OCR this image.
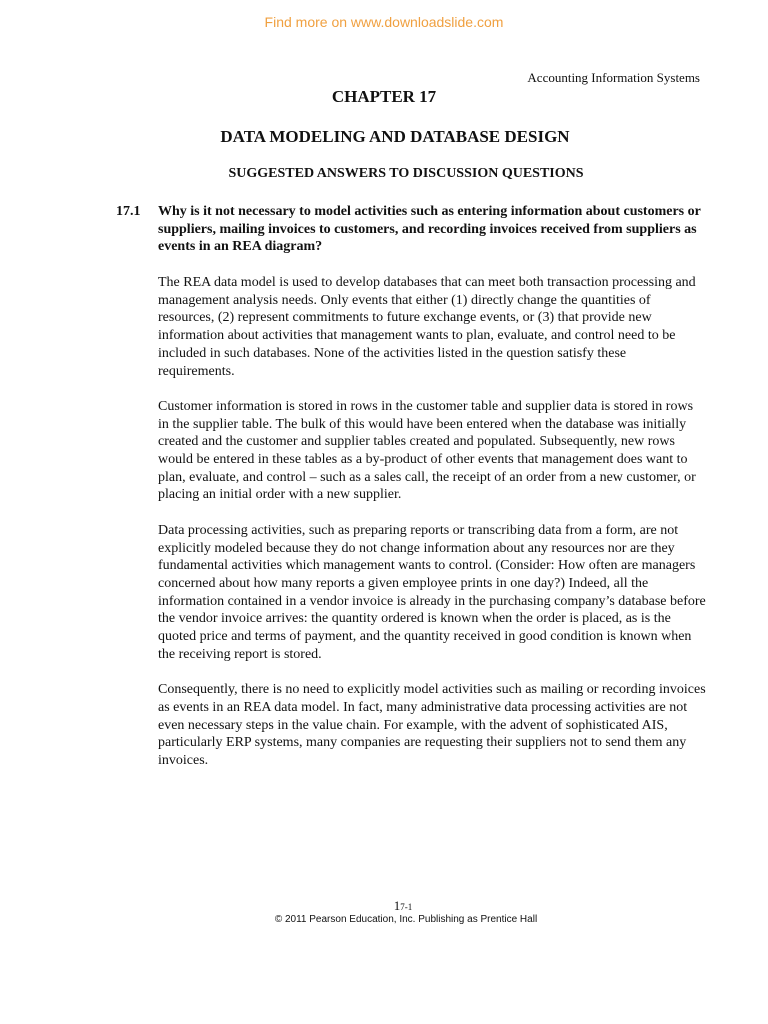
Find more on www.downloadslide.com
Accounting Information Systems
CHAPTER 17
DATA MODELING AND DATABASE DESIGN
SUGGESTED ANSWERS TO DISCUSSION QUESTIONS
17.1 Why is it not necessary to model activities such as entering information about customers or suppliers, mailing invoices to customers, and recording invoices received from suppliers as events in an REA diagram?

The REA data model is used to develop databases that can meet both transaction processing and management analysis needs. Only events that either (1) directly change the quantities of resources, (2) represent commitments to future exchange events, or (3) that provide new information about activities that management wants to plan, evaluate, and control need to be included in such databases. None of the activities listed in the question satisfy these requirements.

Customer information is stored in rows in the customer table and supplier data is stored in rows in the supplier table. The bulk of this would have been entered when the database was initially created and the customer and supplier tables created and populated. Subsequently, new rows would be entered in these tables as a by-product of other events that management does want to plan, evaluate, and control – such as a sales call, the receipt of an order from a new customer, or placing an initial order with a new supplier.

Data processing activities, such as preparing reports or transcribing data from a form, are not explicitly modeled because they do not change information about any resources nor are they fundamental activities which management wants to control. (Consider: How often are managers concerned about how many reports a given employee prints in one day?) Indeed, all the information contained in a vendor invoice is already in the purchasing company’s database before the vendor invoice arrives: the quantity ordered is known when the order is placed, as is the quoted price and terms of payment, and the quantity received in good condition is known when the receiving report is stored.

Consequently, there is no need to explicitly model activities such as mailing or recording invoices as events in an REA data model. In fact, many administrative data processing activities are not even necessary steps in the value chain. For example, with the advent of sophisticated AIS, particularly ERP systems, many companies are requesting their suppliers not to send them any invoices.

17-1
© 2011 Pearson Education, Inc. Publishing as Prentice Hall
